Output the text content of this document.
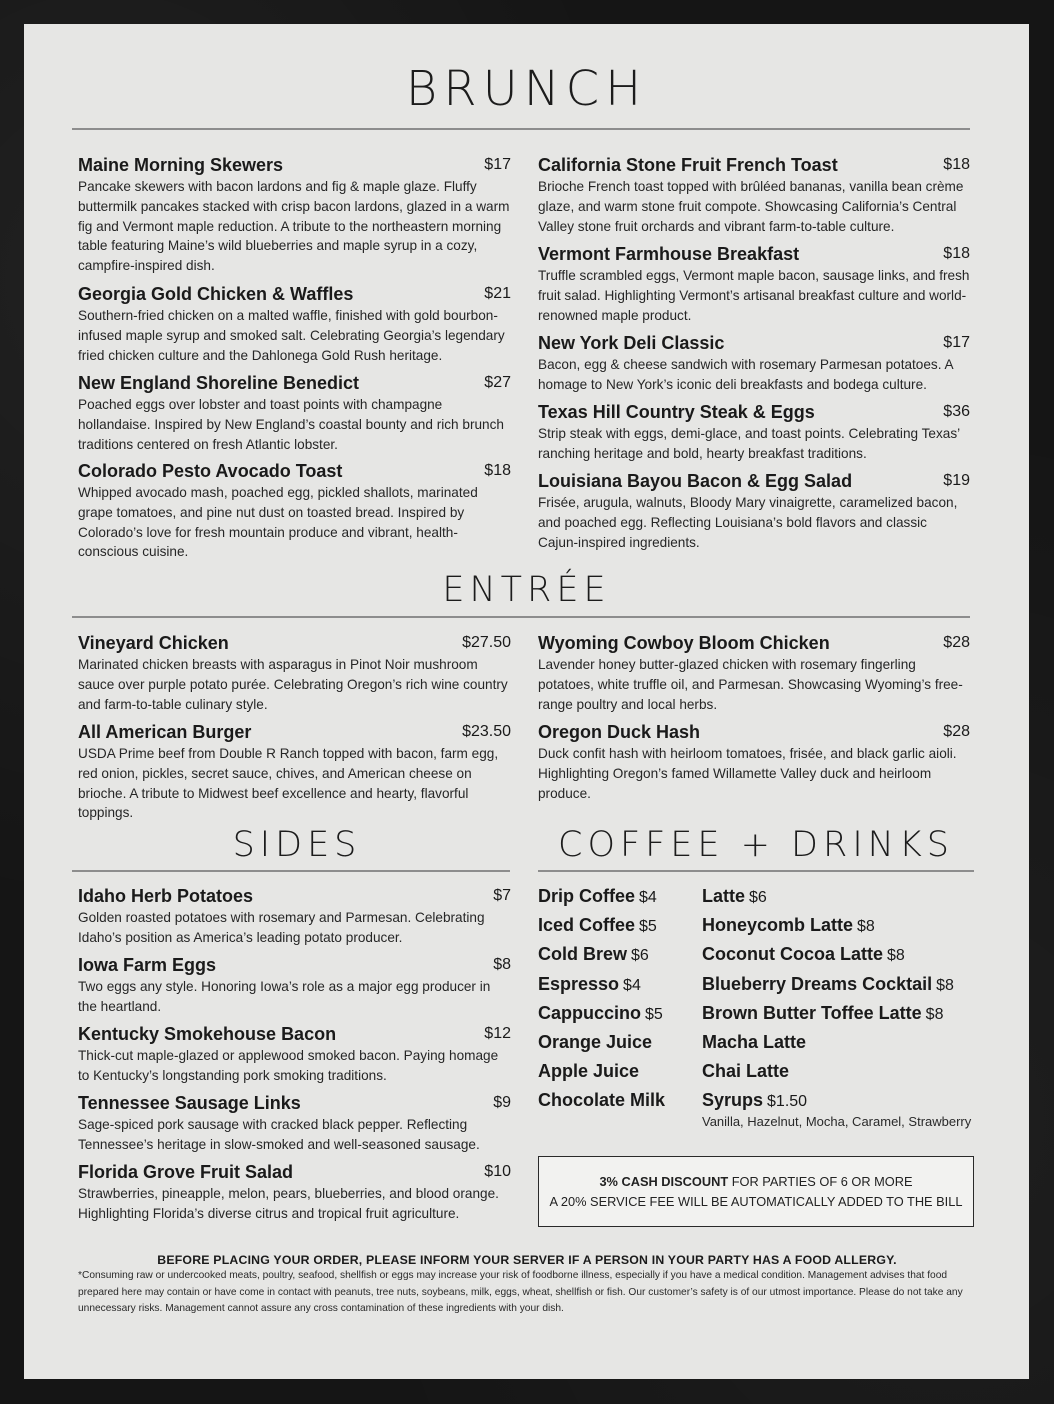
BRUNCH
Maine Morning Skewers	$17
Pancake skewers with bacon lardons and fig & maple glaze. Fluffy buttermilk pancakes stacked with crisp bacon lardons, glazed in a warm fig and Vermont maple reduction. A tribute to the northeastern morning table featuring Maine’s wild blueberries and maple syrup in a cozy, campfire-inspired dish.
Georgia Gold Chicken & Waffles	$21
Southern-fried chicken on a malted waffle, finished with gold bourbon-infused maple syrup and smoked salt. Celebrating Georgia’s legendary fried chicken culture and the Dahlonega Gold Rush heritage.
New England Shoreline Benedict	$27
Poached eggs over lobster and toast points with champagne hollandaise. Inspired by New England’s coastal bounty and rich brunch traditions centered on fresh Atlantic lobster.
Colorado Pesto Avocado Toast	$18
Whipped avocado mash, poached egg, pickled shallots, marinated grape tomatoes, and pine nut dust on toasted bread. Inspired by Colorado’s love for fresh mountain produce and vibrant, health-conscious cuisine.
California Stone Fruit French Toast	$18
Brioche French toast topped with brûléed bananas, vanilla bean crème glaze, and warm stone fruit compote. Showcasing California’s Central Valley stone fruit orchards and vibrant farm-to-table culture.
Vermont Farmhouse Breakfast	$18
Truffle scrambled eggs, Vermont maple bacon, sausage links, and fresh fruit salad. Highlighting Vermont’s artisanal breakfast culture and world-renowned maple product.
New York Deli Classic	$17
Bacon, egg & cheese sandwich with rosemary Parmesan potatoes. A homage to New York’s iconic deli breakfasts and bodega culture.
Texas Hill Country Steak & Eggs	$36
Strip steak with eggs, demi-glace, and toast points. Celebrating Texas’ ranching heritage and bold, hearty breakfast traditions.
Louisiana Bayou Bacon & Egg Salad	$19
Frisée, arugula, walnuts, Bloody Mary vinaigrette, caramelized bacon, and poached egg. Reflecting Louisiana’s bold flavors and classic Cajun-inspired ingredients.
ENTRÉE
Vineyard Chicken	$27.50
Marinated chicken breasts with asparagus in Pinot Noir mushroom sauce over purple potato purée. Celebrating Oregon’s rich wine country and farm-to-table culinary style.
All American Burger	$23.50
USDA Prime beef from Double R Ranch topped with bacon, farm egg, red onion, pickles, secret sauce, chives, and American cheese on brioche. A tribute to Midwest beef excellence and hearty, flavorful toppings.
Wyoming Cowboy Bloom Chicken	$28
Lavender honey butter-glazed chicken with rosemary fingerling potatoes, white truffle oil, and Parmesan. Showcasing Wyoming’s free-range poultry and local herbs.
Oregon Duck Hash	$28
Duck confit hash with heirloom tomatoes, frisée, and black garlic aioli. Highlighting Oregon’s famed Willamette Valley duck and heirloom produce.
SIDES
Idaho Herb Potatoes	$7
Golden roasted potatoes with rosemary and Parmesan. Celebrating Idaho’s position as America’s leading potato producer.
Iowa Farm Eggs	$8
Two eggs any style. Honoring Iowa’s role as a major egg producer in the heartland.
Kentucky Smokehouse Bacon	$12
Thick-cut maple-glazed or applewood smoked bacon. Paying homage to Kentucky’s longstanding pork smoking traditions.
Tennessee Sausage Links	$9
Sage-spiced pork sausage with cracked black pepper. Reflecting Tennessee’s heritage in slow-smoked and well-seasoned sausage.
Florida Grove Fruit Salad	$10
Strawberries, pineapple, melon, pears, blueberries, and blood orange. Highlighting Florida’s diverse citrus and tropical fruit agriculture.
COFFEE + DRINKS
Drip Coffee $4
Iced Coffee $5
Cold Brew $6
Espresso $4
Cappuccino $5
Orange Juice
Apple Juice
Chocolate Milk
Latte $6
Honeycomb Latte $8
Coconut Cocoa Latte $8
Blueberry Dreams Cocktail $8
Brown Butter Toffee Latte $8
Macha Latte
Chai Latte
Syrups $1.50
Vanilla, Hazelnut, Mocha, Caramel, Strawberry
3% CASH DISCOUNT FOR PARTIES OF 6 OR MORE
A 20% SERVICE FEE WILL BE AUTOMATICALLY ADDED TO THE BILL
BEFORE PLACING YOUR ORDER, PLEASE INFORM YOUR SERVER IF A PERSON IN YOUR PARTY HAS A FOOD ALLERGY.
*Consuming raw or undercooked meats, poultry, seafood, shellfish or eggs may increase your risk of foodborne illness, especially if you have a medical condition. Management advises that food prepared here may contain or have come in contact with peanuts, tree nuts, soybeans, milk, eggs, wheat, shellfish or fish. Our customer’s safety is of our utmost importance. Please do not take any unnecessary risks. Management cannot assure any cross contamination of these ingredients with your dish.
